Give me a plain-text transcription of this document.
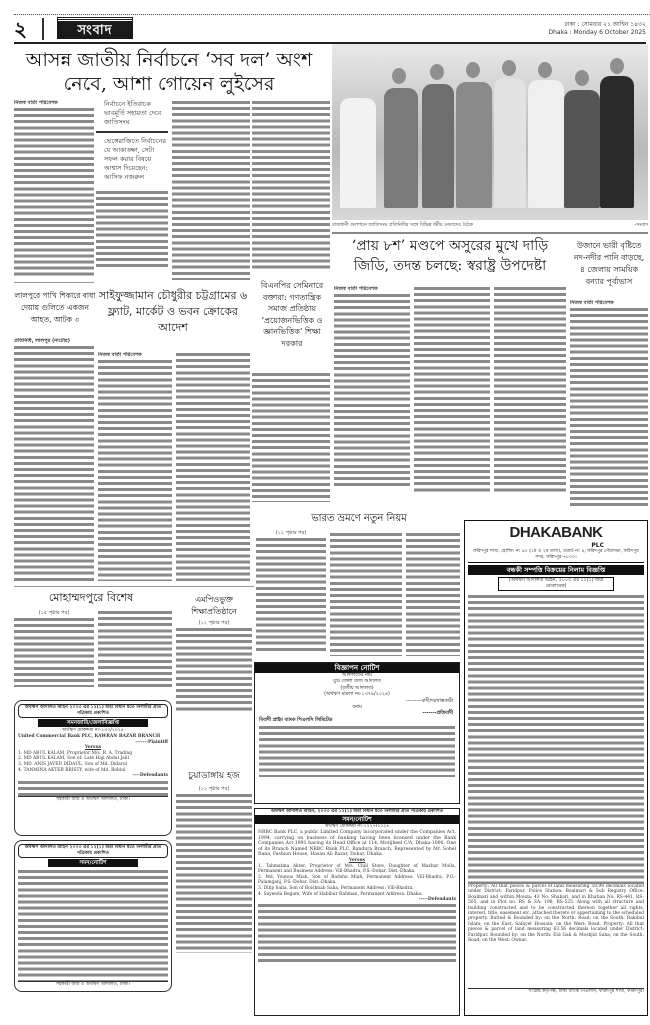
২	সংবাদ	ঢাকা : সোমবার ২১ আশ্বিন ১৪৩২
Dhaka : Monday 6 October 2025
আসন্ন জাতীয় নির্বাচনে ‘সব দল’ অংশ নেবে, আশা গোয়েন লুইসের
নিজস্ব বার্তা পরিবেশক	নির্বাচনে ইতিবাচক ভাবমূর্তি সহায়তা দেবে জাতিসংঘ
ভেঙ্গেরাজিতে নির্বাচনের যে আকাঙ্ক্ষা, সেটা সফল করার বিষয়ে আশ্বাস দিয়েছেন: আসিফ নজরুল
রাজধানী গুলশানে জাতিসংঘ প্রতিনিধির সঙ্গে বিভিন্ন ধর্মীয় নেতাদের বৈঠক	-সংবাদ
‘প্রায় ৮শ’ মণ্ডপে অসুরের মুখে দাড়ি জিডি, তদন্ত চলছে: স্বরাষ্ট্র উপদেষ্টা
নিজস্ব বার্তা পরিবেশক
উজানে ভারী বৃষ্টিতে নদ-নদীর পানি বাড়ছে, ৪ জেলায় সাময়িক বন্যার পূর্বাভাস
নিজস্ব বার্তা পরিবেশক
লালপুরে পাখি শিকারে বাধা দেয়ায় গুলিতে একজন আহত, আটক ৩
প্রতিনিধি, লালপুর (নাটোর)
সাইফুজ্জামান চৌধুরীর চট্টগ্রামের ৬ ফ্ল্যাট, মার্কেট ও ভবন ক্রোকের আদেশ
নিজস্ব বার্তা পরিবেশক
বিএনপির সেমিনারে বক্তারা: গণতান্ত্রিক সমাজ প্রতিষ্ঠায় ‘প্রয়োজনভিত্তিক ও জ্ঞানভিত্তিক’ শিক্ষা দরকার
মোহাম্মদপুরে বিশেষ
(১৫ পৃষ্ঠার পর)
এমপিওভুক্ত শিক্ষাপ্রতিষ্ঠানে
(১২ পৃষ্ঠার পর)
ভারত ভ্রমণে নতুন নিয়ম
(১২ পৃষ্ঠার পর)
চুয়াডাঙ্গায় হজ
(১২ পৃষ্ঠার পর)
অর্থঋণ আদালত আইন ২০০৩ এর ১২(১) ধারা বিধান মতে নিলামীর প্রতি পত্রিকায় প্রকাশিত
সমনজারি/জেলাবিজ্ঞপ্তি
অর্থঋণ মোকদ্দমা নং-১৩৩/২০২৪
United Commercial Bank PLC, KAWRAN BAZAR BRANCH
-------Plaintiff
Versus
1. MD ABUL KALAM, Proprietor M/s. R. A. Trading
2. MD ABUL KALAM, Son of: Late Haji Abdul Jalil
3. MD. ANIS JAVED DIDAUL, Son of Md. Didarul
4. TANMINA AKTER BRISTY, wife of Md. Robiul
----Defendants
সহকারী জজ ও অর্থঋণ আদালত, ঢাকা।
অর্থঋণ আদালত আইন ২০০৩ এর ১২(১) ধারা বিধান মতে নিলামীর প্রতি পত্রিকায় প্রকাশিত
সমন/নোটিশ
সহকারী জজ ও অর্থঋণ আদালত, ঢাকা।
বিজ্ঞাপন নোটিশ
আদালতের নাম
যুগ্ম জেলা জজ আদালত
(তৃতীয় আদালত)
(অর্থঋণ মামলা নং-১৩৭৯/২০২৪)
---------বাদী/দরখাস্তকারী
বনাম
-------প্রতিবাদী
বিবাদী প্রাইম ব্যাংক পিএলসি লিমিটেড
অর্থঋণ আদালত আইন, ২০০৩ এর ১২(১) ধারা বিধান মতে নিলামীর প্রতি পত্রিকায় প্রকাশিত
সমন/নোটিশ
অর্থঋণ মোকদ্দমা নং-২২২৭/২০২৪
NRBC Bank PLC, a public Limited Company incorporated under the Companies Act, 1994, carrying on business of banking having been licensed under the Bank Companies Act 1991 having its Head Office at 114, Motijheel C/A, Dhaka-1000. One of its Branch Named NRBC Bank PLC, Bandura Branch, Represented by Mr. Sohel Rana, Fashion House, Hasan Ali Bazar, Dohar, Dhaka.
Versus
1. Tahmatina Akter, Proprietor of M/s. Chill Store, Daughter of Mazhar Molla, Permanent and Business Address: Vill-Bhadra, P.S.-Dohar, Dist.-Dhaka.
2. Md. Younus Miah, Son of Badshu Miah, Permanent Address: Vill-Bhadra, P.O.-Palamganj, P.S.-Dohar, Dist.-Dhaka.
3. Dilip Saha, Son of Boishnab Saha, Permanent Address: Vill-Bhadra.
4. Sayeeda Begum, Wife of Habibur Rahman, Permanent Address: Dhaka.
-----Defendants
DHAKABANK
PLC
ফরিদপুর শাখা, হোল্ডিং নং ৯০ (১ম ও ২য় তলা), ওয়ার্ড নং ৪, ফরিদপুর পৌরসভা, ফরিদপুর সদর, ফরিদপুর-৭৮০০।
বন্ধকী সম্পত্তি বিক্রয়ের নিলাম বিজ্ঞপ্তি
(অর্থঋণ আদালত আইন, ২০০৩ এর ১২(১) ধারা মোতাবেক)
Property: All that pieces & parcel of land measuring 58.98 decimals located under District: Faridpur, Police Station: Boalmari & Sub Registry Office: Boalmari and within Mouza: 43 No. Shabari, and in Khatian No. RS-441, RS-505, and in Plot no. RS & SA: 198, RS-525. Along with all structure and building constructed and to be constructed thereon together all rights, interest, title, easement etc. attached thereto or appertaining to the scheduled property. Butted & Bounded by: on the North: Road; on the South: Rakibul Islam; on the East: Safayet Hossain; on the West: Road. Property: All that pieces & parcel of land measuring 63.56 decimals located under District: Faridpur. Bounded by: on the North: Eid Gah & Moshjid Saha; on the South: Road; on the West: Ownar.
সংশ্লিষ্ট কর্তৃপক্ষ, ঢাকা ব্যাংক পিএলসি, ফরিদপুর শাখা, ফরিদপুর।
